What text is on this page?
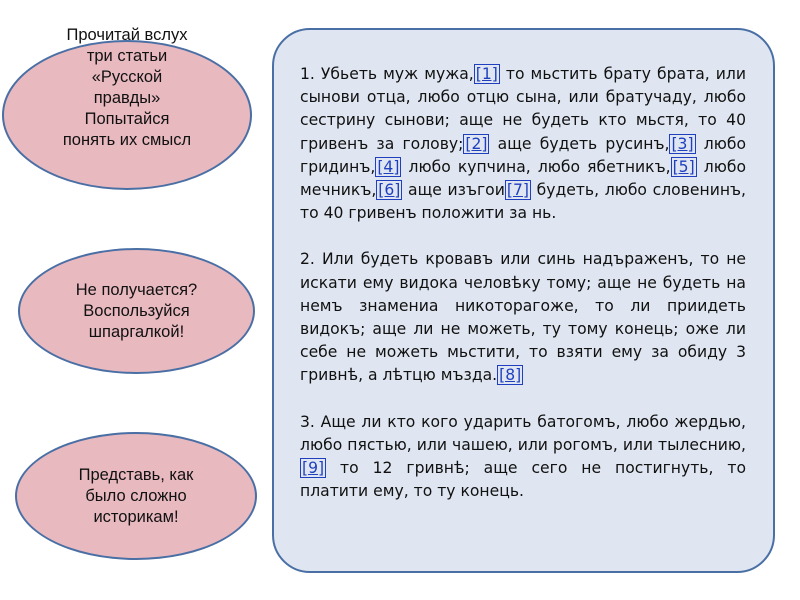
Прочитай вслух
три статьи
«Русской
правды»
Попытайся
понять их смысл
Не получается?
Воспользуйся
шпаргалкой!
Представь, как
было сложно
историкам!

1. Убьеть муж мужа, [1] то мьстить брату брата, или сынови отца, любо отцю сына, или братучаду, любо сестрину сынови; аще не будеть кто мьстя, то 40 гривенъ за голову; [2] аще будеть русинъ, [3] любо гридинъ, [4] любо купчина, любо ябетникъ, [5] любо мечникъ, [6] аще изъгои [7] будеть, любо словенинъ, то 40 гривенъ положити за нь.

2. Или будеть кровавъ или синь надъраженъ, то не искати ему видока человѣку тому; аще не будеть на немъ знамениа никоторагоже, то ли приидеть видокъ; аще ли не можеть, ту тому конець; оже ли себе не можеть мьстити, то взяти ему за обиду 3 гривнѣ, а лѣтцю мъзда. [8]

3. Аще ли кто кого ударить батогомъ, любо жердью, любо пястью, или чашею, или рогомъ, или тылеснию,[9] то 12 гривнѣ; аще сего не постигнуть, то платити ему, то ту конець.
